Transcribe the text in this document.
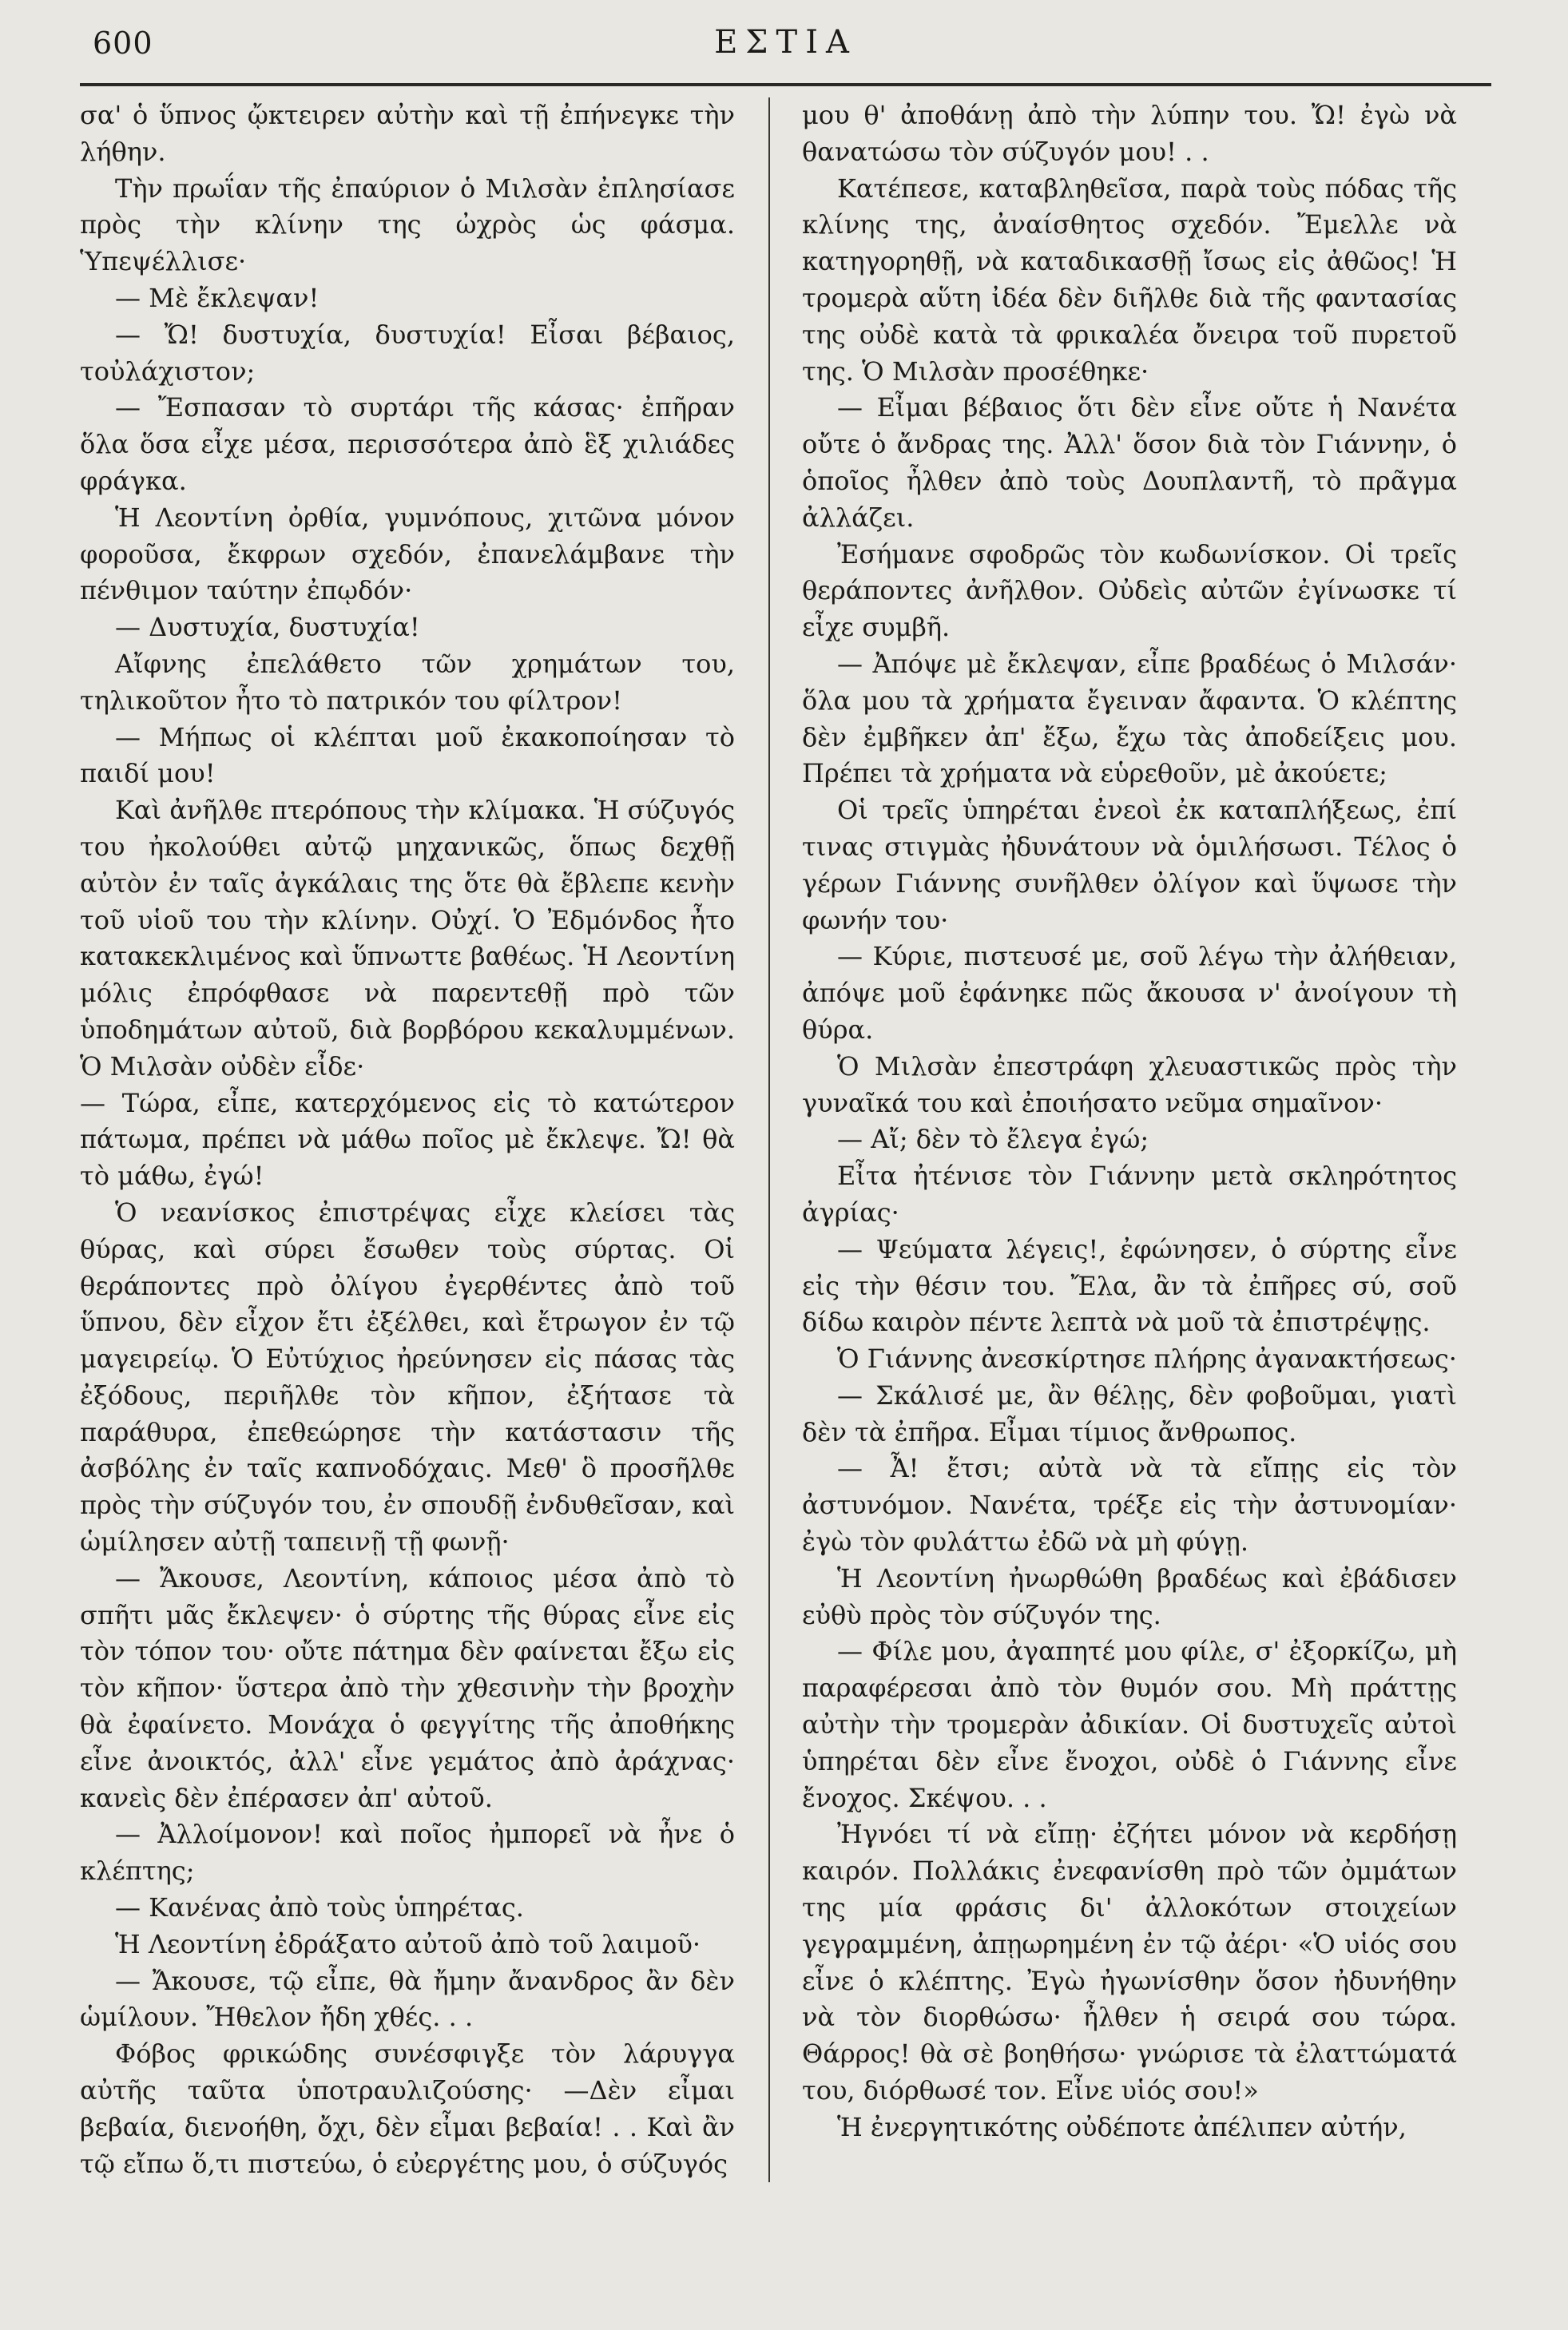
600	ΕΣΤΙΑ

σα' ὁ ὕπνος ᾤκτειρεν αὐτὴν καὶ τῇ ἐπήνεγκε τὴν λήθην.

Τὴν πρωΐαν τῆς ἐπαύριον ὁ Μιλσὰν ἐπλησίασε πρὸς τὴν κλίνην της ὠχρὸς ὡς φάσμα. Ὑπεψέλλισε·

— Μὲ ἔκλεψαν!

— Ὤ! δυστυχία, δυστυχία! Εἶσαι βέβαιος, τοὐλάχιστον;

— Ἔσπασαν τὸ συρτάρι τῆς κάσας· ἐπῆραν ὅλα ὅσα εἶχε μέσα, περισσότερα ἀπὸ ἓξ χιλιάδες φράγκα.

Ἡ Λεοντίνη ὀρθία, γυμνόπους, χιτῶνα μόνον φοροῦσα, ἔκφρων σχεδόν, ἐπανελάμβανε τὴν πένθιμον ταύτην ἐπῳδόν·

— Δυστυχία, δυστυχία!

Αἴφνης ἐπελάθετο τῶν χρημάτων του, τηλικοῦτον ἦτο τὸ πατρικόν του φίλτρον!

— Μήπως οἱ κλέπται μοῦ ἐκακοποίησαν τὸ παιδί μου!

Καὶ ἀνῆλθε πτερόπους τὴν κλίμακα. Ἡ σύζυγός του ἠκολούθει αὐτῷ μηχανικῶς, ὅπως δεχθῇ αὐτὸν ἐν ταῖς ἀγκάλαις της ὅτε θὰ ἔβλεπε κενὴν τοῦ υἱοῦ του τὴν κλίνην. Οὐχί. Ὁ Ἐδμόνδος ἦτο κατακεκλιμένος καὶ ὕπνωττε βαθέως. Ἡ Λεοντίνη μόλις ἐπρόφθασε νὰ παρεντεθῇ πρὸ τῶν ὑποδημάτων αὐτοῦ, διὰ βορβόρου κεκαλυμμένων. Ὁ Μιλσὰν οὐδὲν εἶδε·

— Τώρα, εἶπε, κατερχόμενος εἰς τὸ κατώτερον πάτωμα, πρέπει νὰ μάθω ποῖος μὲ ἔκλεψε. Ὤ! θὰ τὸ μάθω, ἐγώ!

Ὁ νεανίσκος ἐπιστρέψας εἶχε κλείσει τὰς θύρας, καὶ σύρει ἔσωθεν τοὺς σύρτας. Οἱ θεράποντες πρὸ ὀλίγου ἐγερθέντες ἀπὸ τοῦ ὕπνου, δὲν εἶχον ἔτι ἐξέλθει, καὶ ἔτρωγον ἐν τῷ μαγειρείῳ. Ὁ Εὐτύχιος ἠρεύνησεν εἰς πάσας τὰς ἐξόδους, περιῆλθε τὸν κῆπον, ἐξήτασε τὰ παράθυρα, ἐπεθεώρησε τὴν κατάστασιν τῆς ἀσβόλης ἐν ταῖς καπνοδόχαις. Μεθ' ὃ προσῆλθε πρὸς τὴν σύζυγόν του, ἐν σπουδῇ ἐνδυθεῖσαν, καὶ ὡμίλησεν αὐτῇ ταπεινῇ τῇ φωνῇ·

— Ἄκουσε, Λεοντίνη, κάποιος μέσα ἀπὸ τὸ σπῆτι μᾶς ἔκλεψεν· ὁ σύρτης τῆς θύρας εἶνε εἰς τὸν τόπον του· οὔτε πάτημα δὲν φαίνεται ἔξω εἰς τὸν κῆπον· ὕστερα ἀπὸ τὴν χθεσινὴν τὴν βροχὴν θὰ ἐφαίνετο. Μονάχα ὁ φεγγίτης τῆς ἀποθήκης εἶνε ἀνοικτός, ἀλλ' εἶνε γεμάτος ἀπὸ ἀράχνας· κανεὶς δὲν ἐπέρασεν ἀπ' αὐτοῦ.

— Ἀλλοίμονον! καὶ ποῖος ἠμπορεῖ νὰ ἦνε ὁ κλέπτης;

— Κανένας ἀπὸ τοὺς ὑπηρέτας.

Ἡ Λεοντίνη ἐδράξατο αὐτοῦ ἀπὸ τοῦ λαιμοῦ·

— Ἄκουσε, τῷ εἶπε, θὰ ἤμην ἄνανδρος ἂν δὲν ὡμίλουν. Ἤθελον ἤδη χθές. . .

Φόβος φρικώδης συνέσφιγξε τὸν λάρυγγα αὐτῆς ταῦτα ὑποτραυλιζούσης· —Δὲν εἶμαι βεβαία, διενοήθη, ὄχι, δὲν εἶμαι βεβαία! . . Καὶ ἂν τῷ εἴπω ὅ,τι πιστεύω, ὁ εὐεργέτης μου, ὁ σύζυγός

μου θ' ἀποθάνῃ ἀπὸ τὴν λύπην του. Ὤ! ἐγὼ νὰ θανατώσω τὸν σύζυγόν μου! . .

Κατέπεσε, καταβληθεῖσα, παρὰ τοὺς πόδας τῆς κλίνης της, ἀναίσθητος σχεδόν. Ἔμελλε νὰ κατηγορηθῇ, νὰ καταδικασθῇ ἴσως εἰς ἀθῶος! Ἡ τρομερὰ αὕτη ἰδέα δὲν διῆλθε διὰ τῆς φαντασίας της οὐδὲ κατὰ τὰ φρικαλέα ὄνειρα τοῦ πυρετοῦ της. Ὁ Μιλσὰν προσέθηκε·

— Εἶμαι βέβαιος ὅτι δὲν εἶνε οὔτε ἡ Νανέτα οὔτε ὁ ἄνδρας της. Ἀλλ' ὅσον διὰ τὸν Γιάννην, ὁ ὁποῖος ἦλθεν ἀπὸ τοὺς Δουπλαντῆ, τὸ πρᾶγμα ἀλλάζει.

Ἐσήμανε σφοδρῶς τὸν κωδωνίσκον. Οἱ τρεῖς θεράποντες ἀνῆλθον. Οὐδεὶς αὐτῶν ἐγίνωσκε τί εἶχε συμβῆ.

— Ἀπόψε μὲ ἔκλεψαν, εἶπε βραδέως ὁ Μιλσάν· ὅλα μου τὰ χρήματα ἔγειναν ἄφαντα. Ὁ κλέπτης δὲν ἐμβῆκεν ἀπ' ἔξω, ἔχω τὰς ἀποδείξεις μου. Πρέπει τὰ χρήματα νὰ εὑρεθοῦν, μὲ ἀκούετε;

Οἱ τρεῖς ὑπηρέται ἐνεοὶ ἐκ καταπλήξεως, ἐπί τινας στιγμὰς ἠδυνάτουν νὰ ὁμιλήσωσι. Τέλος ὁ γέρων Γιάννης συνῆλθεν ὀλίγον καὶ ὕψωσε τὴν φωνήν του·

— Κύριε, πιστευσέ με, σοῦ λέγω τὴν ἀλήθειαν, ἀπόψε μοῦ ἐφάνηκε πῶς ἄκουσα ν' ἀνοίγουν τὴ θύρα.

Ὁ Μιλσὰν ἐπεστράφη χλευαστικῶς πρὸς τὴν γυναῖκά του καὶ ἐποιήσατο νεῦμα σημαῖνον·

— Αἴ; δὲν τὸ ἔλεγα ἐγώ;

Εἶτα ἠτένισε τὸν Γιάννην μετὰ σκληρότητος ἀγρίας·

— Ψεύματα λέγεις!, ἐφώνησεν, ὁ σύρτης εἶνε εἰς τὴν θέσιν του. Ἔλα, ἂν τὰ ἐπῆρες σύ, σοῦ δίδω καιρὸν πέντε λεπτὰ νὰ μοῦ τὰ ἐπιστρέψῃς.

Ὁ Γιάννης ἀνεσκίρτησε πλήρης ἀγανακτήσεως·

— Σκάλισέ με, ἂν θέλῃς, δὲν φοβοῦμαι, γιατὶ δὲν τὰ ἐπῆρα. Εἶμαι τίμιος ἄνθρωπος.

— Ἆ! ἔτσι; αὐτὰ νὰ τὰ εἴπῃς εἰς τὸν ἀστυνόμον. Νανέτα, τρέξε εἰς τὴν ἀστυνομίαν· ἐγὼ τὸν φυλάττω ἐδῶ νὰ μὴ φύγῃ.

Ἡ Λεοντίνη ἠνωρθώθη βραδέως καὶ ἐβάδισεν εὐθὺ πρὸς τὸν σύζυγόν της.

— Φίλε μου, ἀγαπητέ μου φίλε, σ' ἐξορκίζω, μὴ παραφέρεσαι ἀπὸ τὸν θυμόν σου. Μὴ πράττῃς αὐτὴν τὴν τρομερὰν ἀδικίαν. Οἱ δυστυχεῖς αὐτοὶ ὑπηρέται δὲν εἶνε ἔνοχοι, οὐδὲ ὁ Γιάννης εἶνε ἔνοχος. Σκέψου. . .

Ἠγνόει τί νὰ εἴπῃ· ἐζήτει μόνον νὰ κερδήσῃ καιρόν. Πολλάκις ἐνεφανίσθη πρὸ τῶν ὀμμάτων της μία φράσις δι' ἀλλοκότων στοιχείων γεγραμμένη, ἀπῃωρημένη ἐν τῷ ἀέρι· «Ὁ υἱός σου εἶνε ὁ κλέπτης. Ἐγὼ ἠγωνίσθην ὅσον ἠδυνήθην νὰ τὸν διορθώσω· ἦλθεν ἡ σειρά σου τώρα. Θάρρος! θὰ σὲ βοηθήσω· γνώρισε τὰ ἐλαττώματά του, διόρθωσέ τον. Εἶνε υἱός σου!»

Ἡ ἐνεργητικότης οὐδέποτε ἀπέλιπεν αὐτήν,
